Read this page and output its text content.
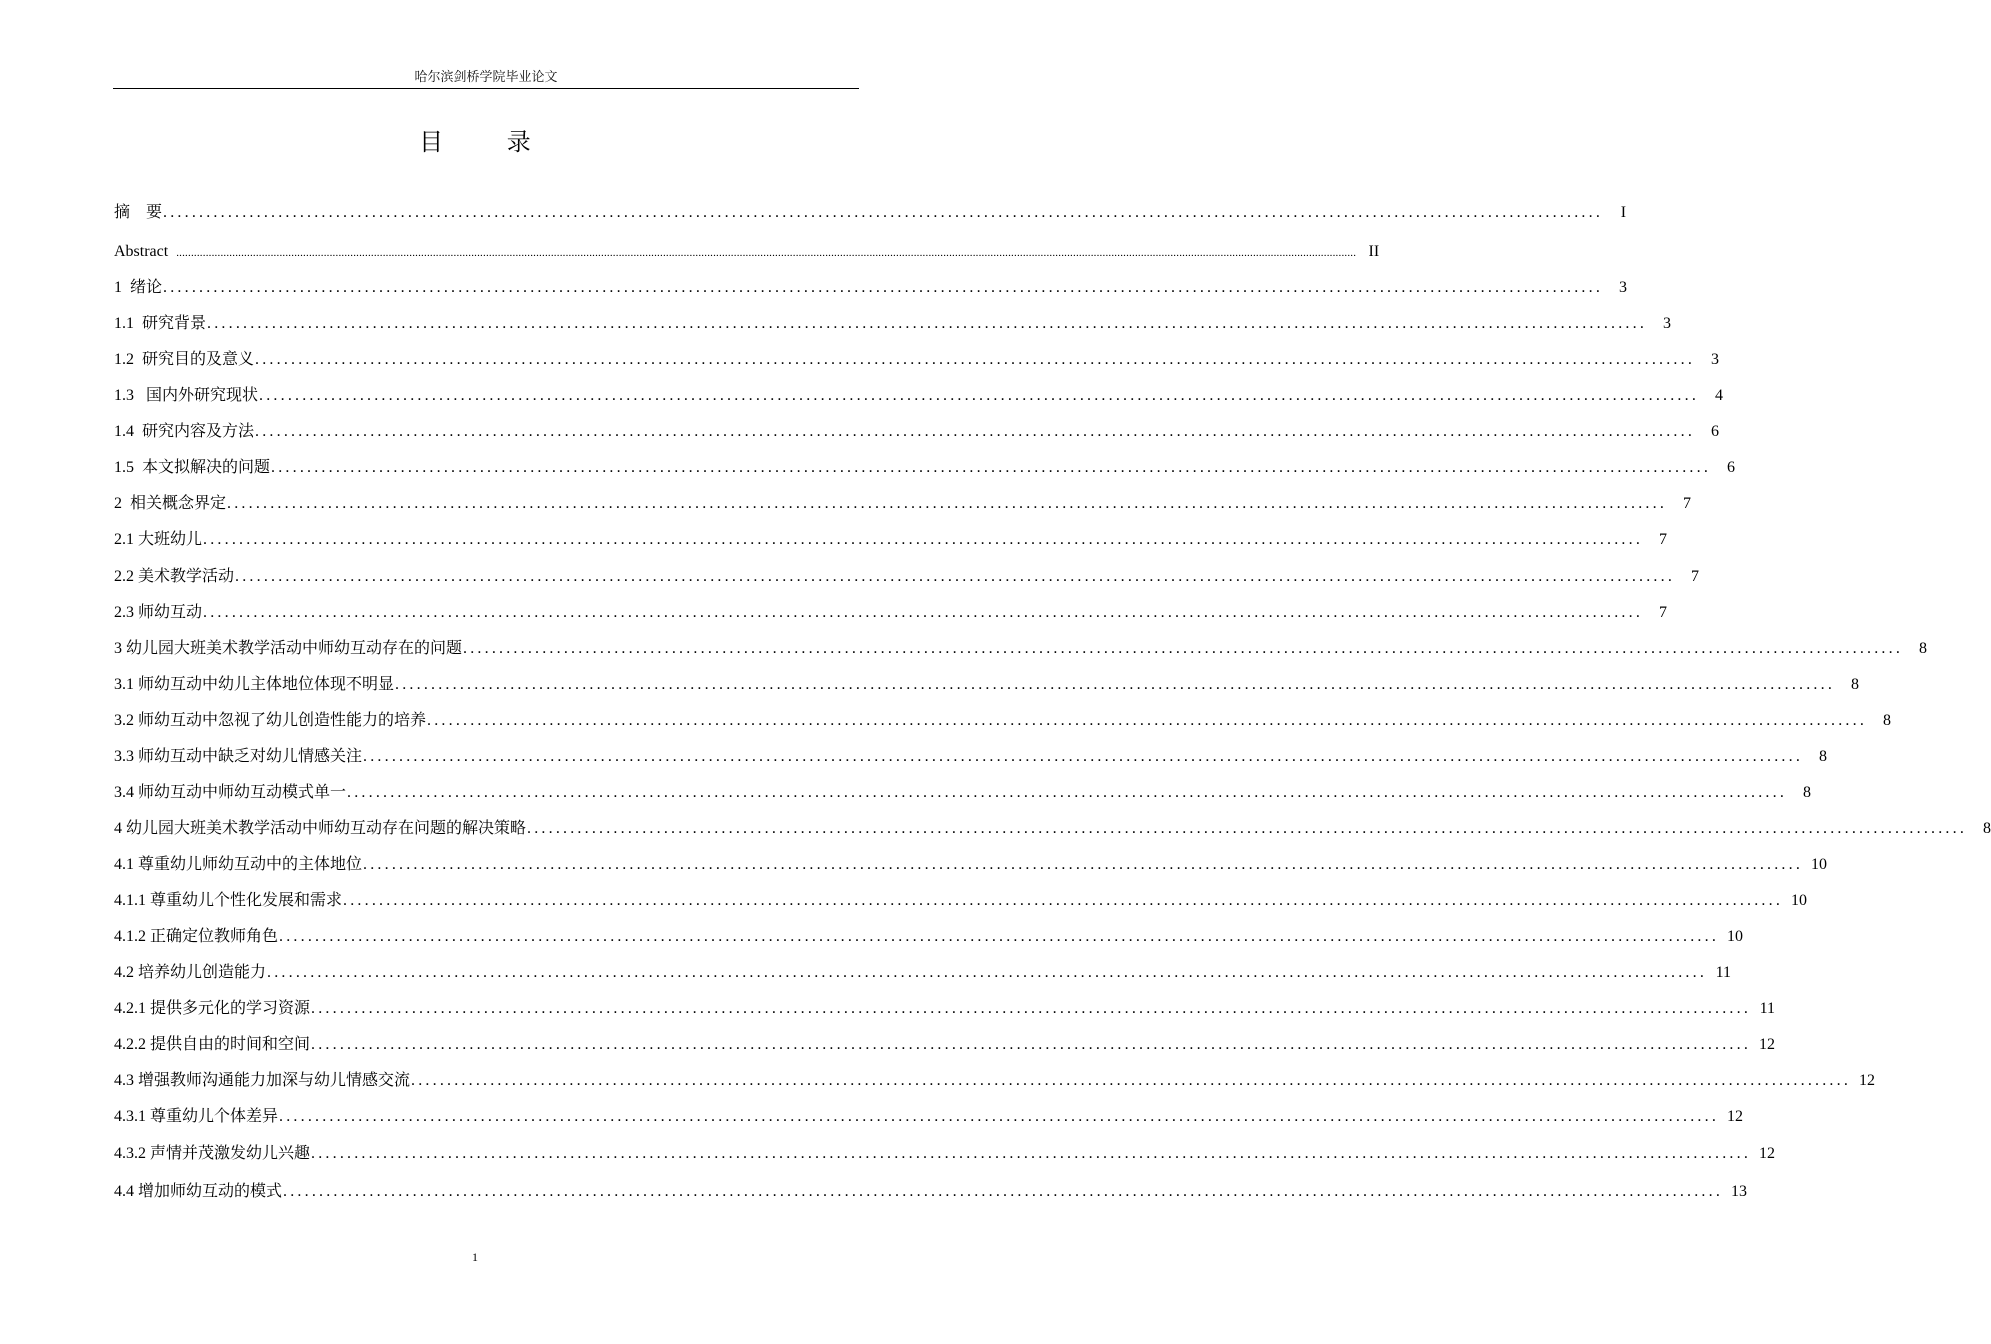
哈尔滨剑桥学院毕业论文
目 录
摘    要 ........................................................................................................................................................................................................	I
Abstract ................................................................................................................................................................................................................................................................................................................................................................................................................ II
1  绪论 ........................................................................................................................................................................................................	3
1.1  研究背景 ........................................................................................................................................................................................................	3
1.2  研究目的及意义 ........................................................................................................................................................................................................	3
1.3   国内外研究现状 ........................................................................................................................................................................................................	4
1.4  研究内容及方法 ........................................................................................................................................................................................................	6
1.5  本文拟解决的问题 ........................................................................................................................................................................................................	6
2  相关概念界定 ........................................................................................................................................................................................................	7
2.1 大班幼儿 ........................................................................................................................................................................................................	7
2.2 美术教学活动 ........................................................................................................................................................................................................	7
2.3 师幼互动 ........................................................................................................................................................................................................	7
3 幼儿园大班美术教学活动中师幼互动存在的问题 ........................................................................................................................................................................................................	8
3.1 师幼互动中幼儿主体地位体现不明显 ........................................................................................................................................................................................................	8
3.2 师幼互动中忽视了幼儿创造性能力的培养 ........................................................................................................................................................................................................	8
3.3 师幼互动中缺乏对幼儿情感关注 ........................................................................................................................................................................................................	8
3.4 师幼互动中师幼互动模式单一 ........................................................................................................................................................................................................	8
4 幼儿园大班美术教学活动中师幼互动存在问题的解决策略 ........................................................................................................................................................................................................	8
4.1 尊重幼儿师幼互动中的主体地位 ........................................................................................................................................................................................................ 10
4.1.1 尊重幼儿个性化发展和需求 ........................................................................................................................................................................................................ 10
4.1.2 正确定位教师角色 ........................................................................................................................................................................................................ 10
4.2 培养幼儿创造能力 ........................................................................................................................................................................................................ 11
4.2.1 提供多元化的学习资源 ........................................................................................................................................................................................................ 11
4.2.2 提供自由的时间和空间 ........................................................................................................................................................................................................ 12
4.3 增强教师沟通能力加深与幼儿情感交流 ........................................................................................................................................................................................................ 12
4.3.1 尊重幼儿个体差异 ........................................................................................................................................................................................................ 12
4.3.2 声情并茂激发幼儿兴趣 ........................................................................................................................................................................................................ 12
4.4 增加师幼互动的模式 ........................................................................................................................................................................................................ 13
1
